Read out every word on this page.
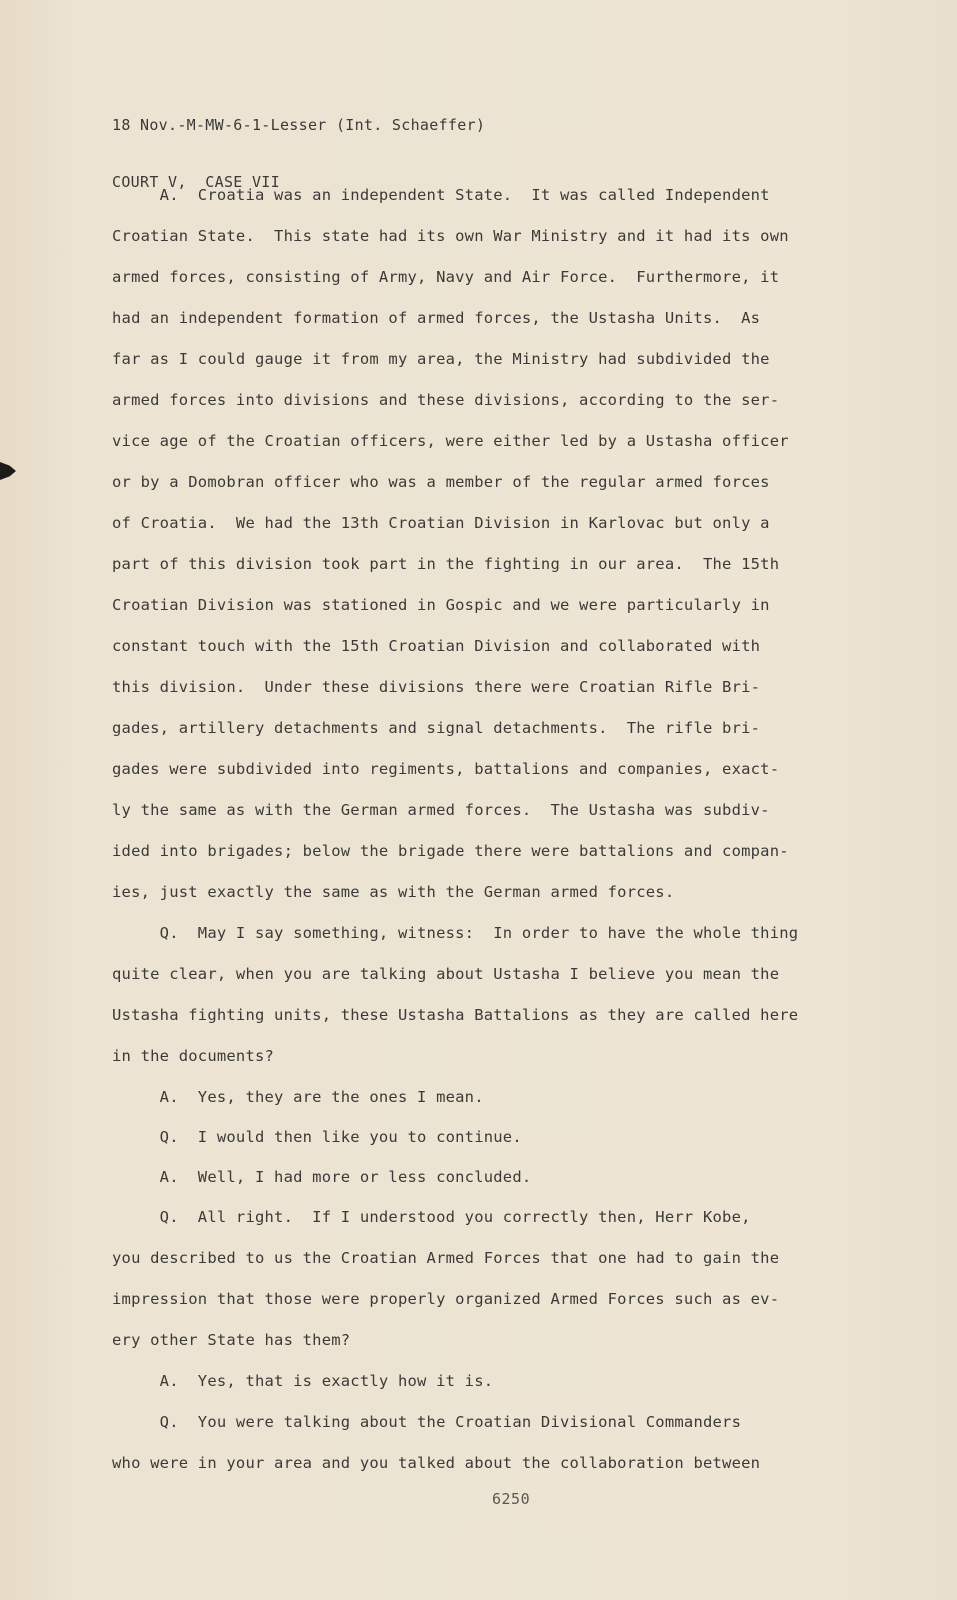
18 Nov.-M-MW-6-1-Lesser (Int. Schaeffer)

COURT V,  CASE VII

A.  Croatia was an independent State.  It was called Independent
Croatian State.  This state had its own War Ministry and it had its own
armed forces, consisting of Army, Navy and Air Force.  Furthermore, it
had an independent formation of armed forces, the Ustasha Units.  As
far as I could gauge it from my area, the Ministry had subdivided the
armed forces into divisions and these divisions, according to the ser-
vice age of the Croatian officers, were either led by a Ustasha officer
or by a Domobran officer who was a member of the regular armed forces
of Croatia.  We had the 13th Croatian Division in Karlovac but only a
part of this division took part in the fighting in our area.  The 15th
Croatian Division was stationed in Gospic and we were particularly in
constant touch with the 15th Croatian Division and collaborated with
this division.  Under these divisions there were Croatian Rifle Bri-
gades, artillery detachments and signal detachments.  The rifle bri-
gades were subdivided into regiments, battalions and companies, exact-
ly the same as with the German armed forces.  The Ustasha was subdiv-
ided into brigades; below the brigade there were battalions and compan-
ies, just exactly the same as with the German armed forces.
Q.  May I say something, witness:  In order to have the whole thing
quite clear, when you are talking about Ustasha I believe you mean the
Ustasha fighting units, these Ustasha Battalions as they are called here
in the documents?
A.  Yes, they are the ones I mean.
Q.  I would then like you to continue.
A.  Well, I had more or less concluded.
Q.  All right.  If I understood you correctly then, Herr Kobe,
you described to us the Croatian Armed Forces that one had to gain the
impression that those were properly organized Armed Forces such as ev-
ery other State has them?
A.  Yes, that is exactly how it is.
Q.  You were talking about the Croatian Divisional Commanders
who were in your area and you talked about the collaboration between
6250
